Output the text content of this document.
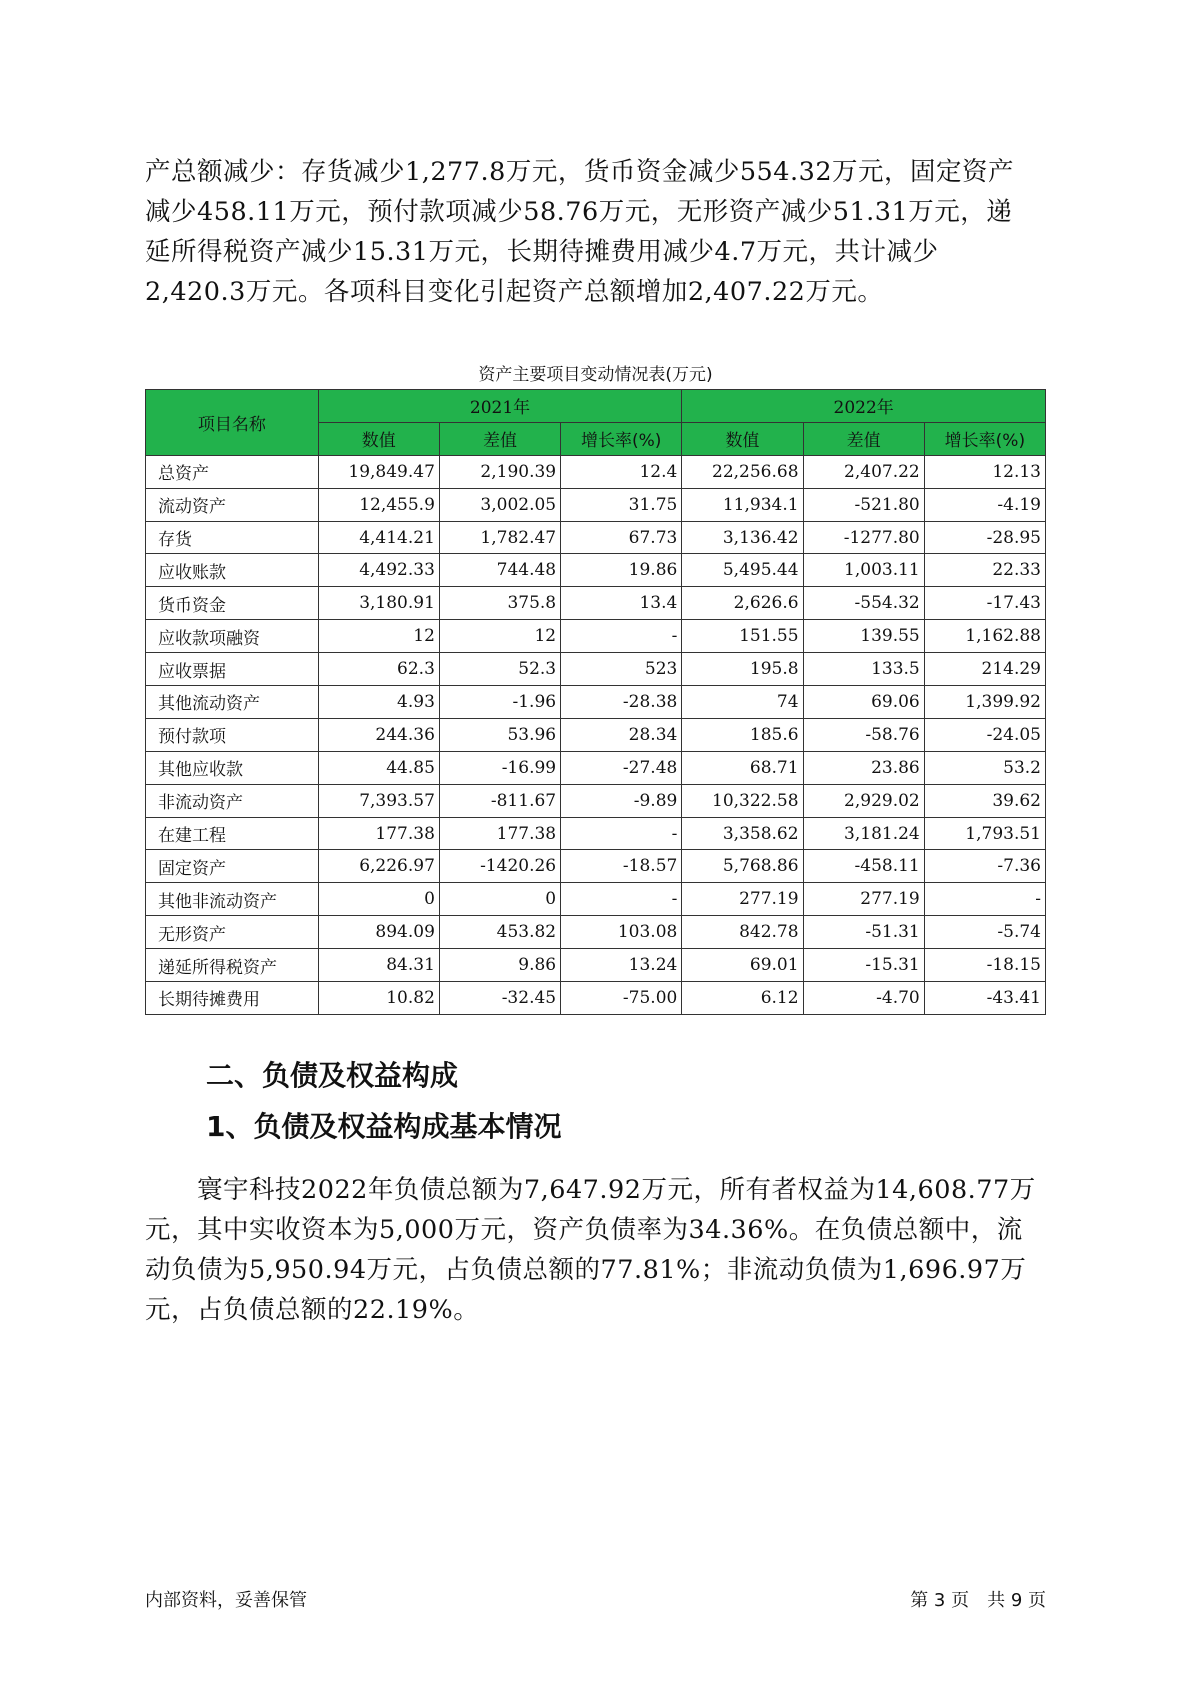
产总额减少：存货减少1,277.8万元，货币资金减少554.32万元，固定资产
减少458.11万元，预付款项减少58.76万元，无形资产减少51.31万元，递
延所得税资产减少15.31万元，长期待摊费用减少4.7万元，共计减少
2,420.3万元。各项科目变化引起资产总额增加2,407.22万元。
资产主要项目变动情况表(万元)
项目名称	2021年			2022年		
	数值	差值	增长率(%)	数值	差值	增长率(%)
总资产	19,849.47	2,190.39	12.4	22,256.68	2,407.22	12.13
流动资产	12,455.9	3,002.05	31.75	11,934.1	-521.80	-4.19
存货	4,414.21	1,782.47	67.73	3,136.42	-1277.80	-28.95
应收账款	4,492.33	744.48	19.86	5,495.44	1,003.11	22.33
货币资金	3,180.91	375.8	13.4	2,626.6	-554.32	-17.43
应收款项融资	12	12	-	151.55	139.55	1,162.88
应收票据	62.3	52.3	523	195.8	133.5	214.29
其他流动资产	4.93	-1.96	-28.38	74	69.06	1,399.92
预付款项	244.36	53.96	28.34	185.6	-58.76	-24.05
其他应收款	44.85	-16.99	-27.48	68.71	23.86	53.2
非流动资产	7,393.57	-811.67	-9.89	10,322.58	2,929.02	39.62
在建工程	177.38	177.38	-	3,358.62	3,181.24	1,793.51
固定资产	6,226.97	-1420.26	-18.57	5,768.86	-458.11	-7.36
其他非流动资产	0	0	-	277.19	277.19	-
无形资产	894.09	453.82	103.08	842.78	-51.31	-5.74
递延所得税资产	84.31	9.86	13.24	69.01	-15.31	-18.15
长期待摊费用	10.82	-32.45	-75.00	6.12	-4.70	-43.41
二、负债及权益构成
1、负债及权益构成基本情况
　　寰宇科技2022年负债总额为7,647.92万元，所有者权益为14,608.77万
元，其中实收资本为5,000万元，资产负债率为34.36%。在负债总额中，流
动负债为5,950.94万元，占负债总额的77.81%；非流动负债为1,696.97万
元，占负债总额的22.19%。
内部资料，妥善保管	第 3 页　共 9 页
